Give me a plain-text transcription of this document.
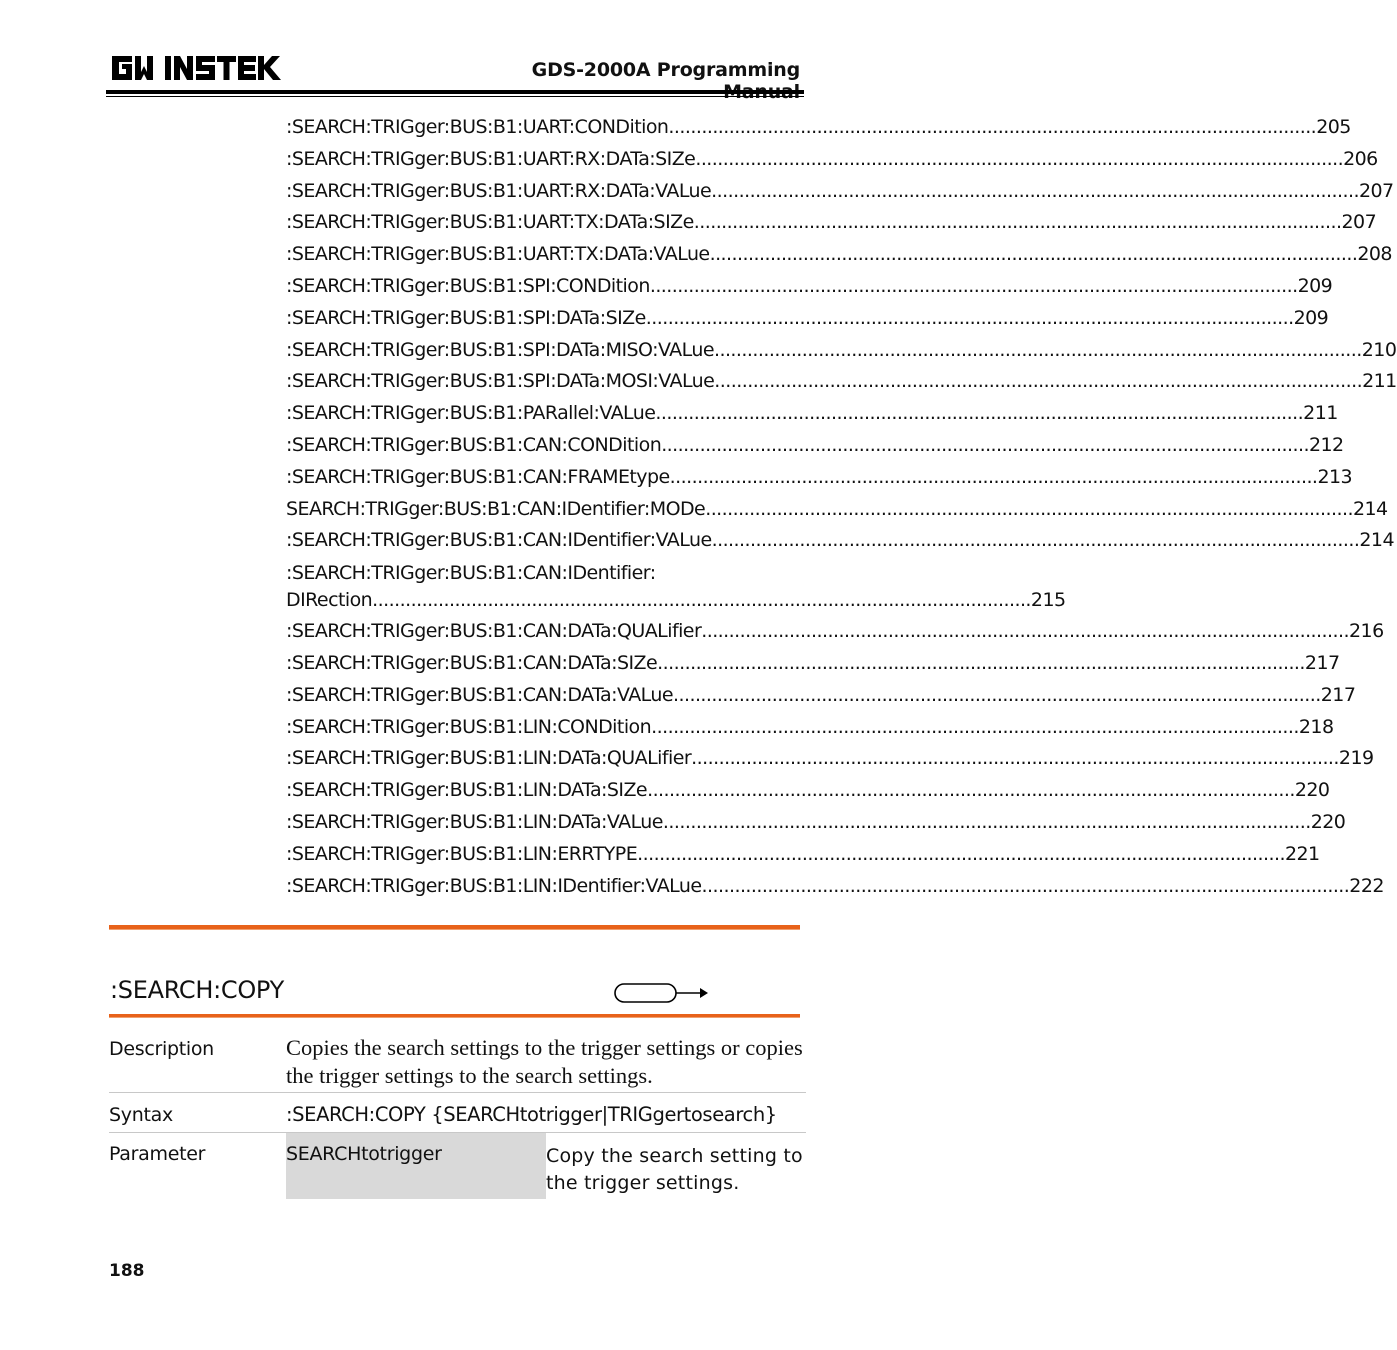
GDS-2000A Programming
:SEARCH:TRIGger:BUS:B1:UART:CONDition .....	205
:SEARCH:TRIGger:BUS:B1:UART:RX:DATa:SIZe .....	206
:SEARCH:TRIGger:BUS:B1:UART:RX:DATa:VALue .....	207
:SEARCH:TRIGger:BUS:B1:UART:TX:DATa:SIZe .....	207
:SEARCH:TRIGger:BUS:B1:UART:TX:DATa:VALue .....	208
:SEARCH:TRIGger:BUS:B1:SPI:CONDition .....	209
:SEARCH:TRIGger:BUS:B1:SPI:DATa:SIZe .....	209
:SEARCH:TRIGger:BUS:B1:SPI:DATa:MISO:VALue .....	210
:SEARCH:TRIGger:BUS:B1:SPI:DATa:MOSI:VALue .....	211
:SEARCH:TRIGger:BUS:B1:PARallel:VALue .....	211
:SEARCH:TRIGger:BUS:B1:CAN:CONDition .....	212
:SEARCH:TRIGger:BUS:B1:CAN:FRAMEtype .....	213
SEARCH:TRIGger:BUS:B1:CAN:IDentifier:MODe .....	214
:SEARCH:TRIGger:BUS:B1:CAN:IDentifier:VALue .....	214
:SEARCH:TRIGger:BUS:B1:CAN:IDentifier:
DIRection ........................................................................................................................ 215
:SEARCH:TRIGger:BUS:B1:CAN:DATa:QUALifier .....	216
:SEARCH:TRIGger:BUS:B1:CAN:DATa:SIZe .....	217
:SEARCH:TRIGger:BUS:B1:CAN:DATa:VALue .....	217
:SEARCH:TRIGger:BUS:B1:LIN:CONDition .....	218
:SEARCH:TRIGger:BUS:B1:LIN:DATa:QUALifier .....	219
:SEARCH:TRIGger:BUS:B1:LIN:DATa:SIZe .....	220
:SEARCH:TRIGger:BUS:B1:LIN:DATa:VALue .....	220
:SEARCH:TRIGger:BUS:B1:LIN:ERRTYPE .....	221
:SEARCH:TRIGger:BUS:B1:LIN:IDentifier:VALue .....	222
:SEARCH:COPY
Description	Copies the search settings to the trigger settings or copies the trigger settings to the search settings.
Syntax	:SEARCH:COPY {SEARCHtotrigger|TRIGgertosearch}
Parameter	SEARCHtotrigger	Copy the search setting to the trigger settings.
188
